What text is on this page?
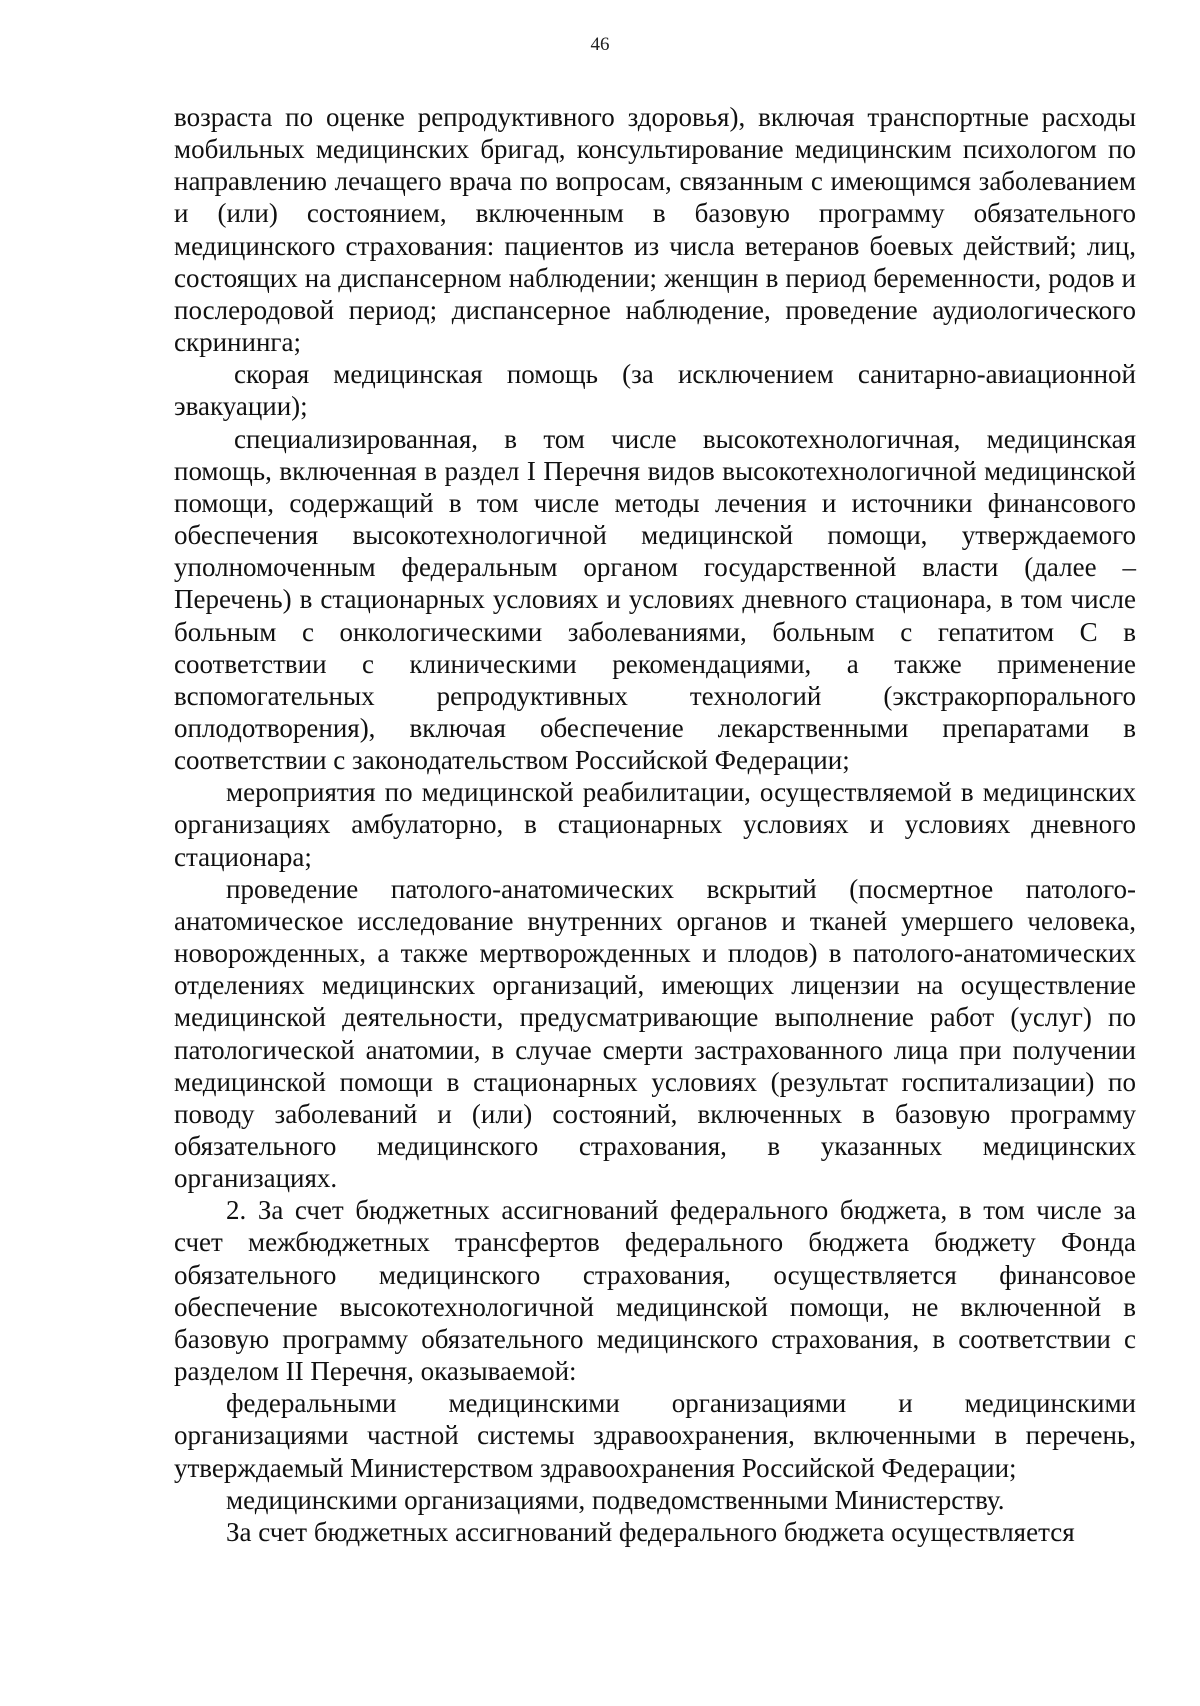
46

возраста по оценке репродуктивного здоровья), включая транспортные расходы мобильных медицинских бригад, консультирование медицинским психологом по направлению лечащего врача по вопросам, связанным с имеющимся заболеванием и (или) состоянием, включенным в базовую программу обязательного медицинского страхования: пациентов из числа ветеранов боевых действий; лиц, состоящих на диспансерном наблюдении; женщин в период беременности, родов и послеродовой период; диспансерное наблюдение, проведение аудиологического скрининга;

скорая медицинская помощь (за исключением санитарно-авиационной эвакуации);

специализированная, в том числе высокотехнологичная, медицинская помощь, включенная в раздел I Перечня видов высокотехнологичной медицинской помощи, содержащий в том числе методы лечения и источники финансового обеспечения высокотехнологичной медицинской помощи, утверждаемого уполномоченным федеральным органом государственной власти (далее – Перечень) в стационарных условиях и условиях дневного стационара, в том числе больным с онкологическими заболеваниями, больным с гепатитом С в соответствии с клиническими рекомендациями, а также применение вспомогательных репродуктивных технологий (экстракорпорального оплодотворения), включая обеспечение лекарственными препаратами в соответствии с законодательством Российской Федерации;

мероприятия по медицинской реабилитации, осуществляемой в медицинских организациях амбулаторно, в стационарных условиях и условиях дневного стационара;

проведение патолого-анатомических вскрытий (посмертное патолого-анатомическое исследование внутренних органов и тканей умершего человека, новорожденных, а также мертворожденных и плодов) в патолого-анатомических отделениях медицинских организаций, имеющих лицензии на осуществление медицинской деятельности, предусматривающие выполнение работ (услуг) по патологической анатомии, в случае смерти застрахованного лица при получении медицинской помощи в стационарных условиях (результат госпитализации) по поводу заболеваний и (или) состояний, включенных в базовую программу обязательного медицинского страхования, в указанных медицинских организациях.

2. За счет бюджетных ассигнований федерального бюджета, в том числе за счет межбюджетных трансфертов федерального бюджета бюджету Фонда обязательного медицинского страхования, осуществляется финансовое обеспечение высокотехнологичной медицинской помощи, не включенной в базовую программу обязательного медицинского страхования, в соответствии с разделом II Перечня, оказываемой:

федеральными медицинскими организациями и медицинскими организациями частной системы здравоохранения, включенными в перечень, утверждаемый Министерством здравоохранения Российской Федерации;

медицинскими организациями, подведомственными Министерству.

За счет бюджетных ассигнований федерального бюджета осуществляется
